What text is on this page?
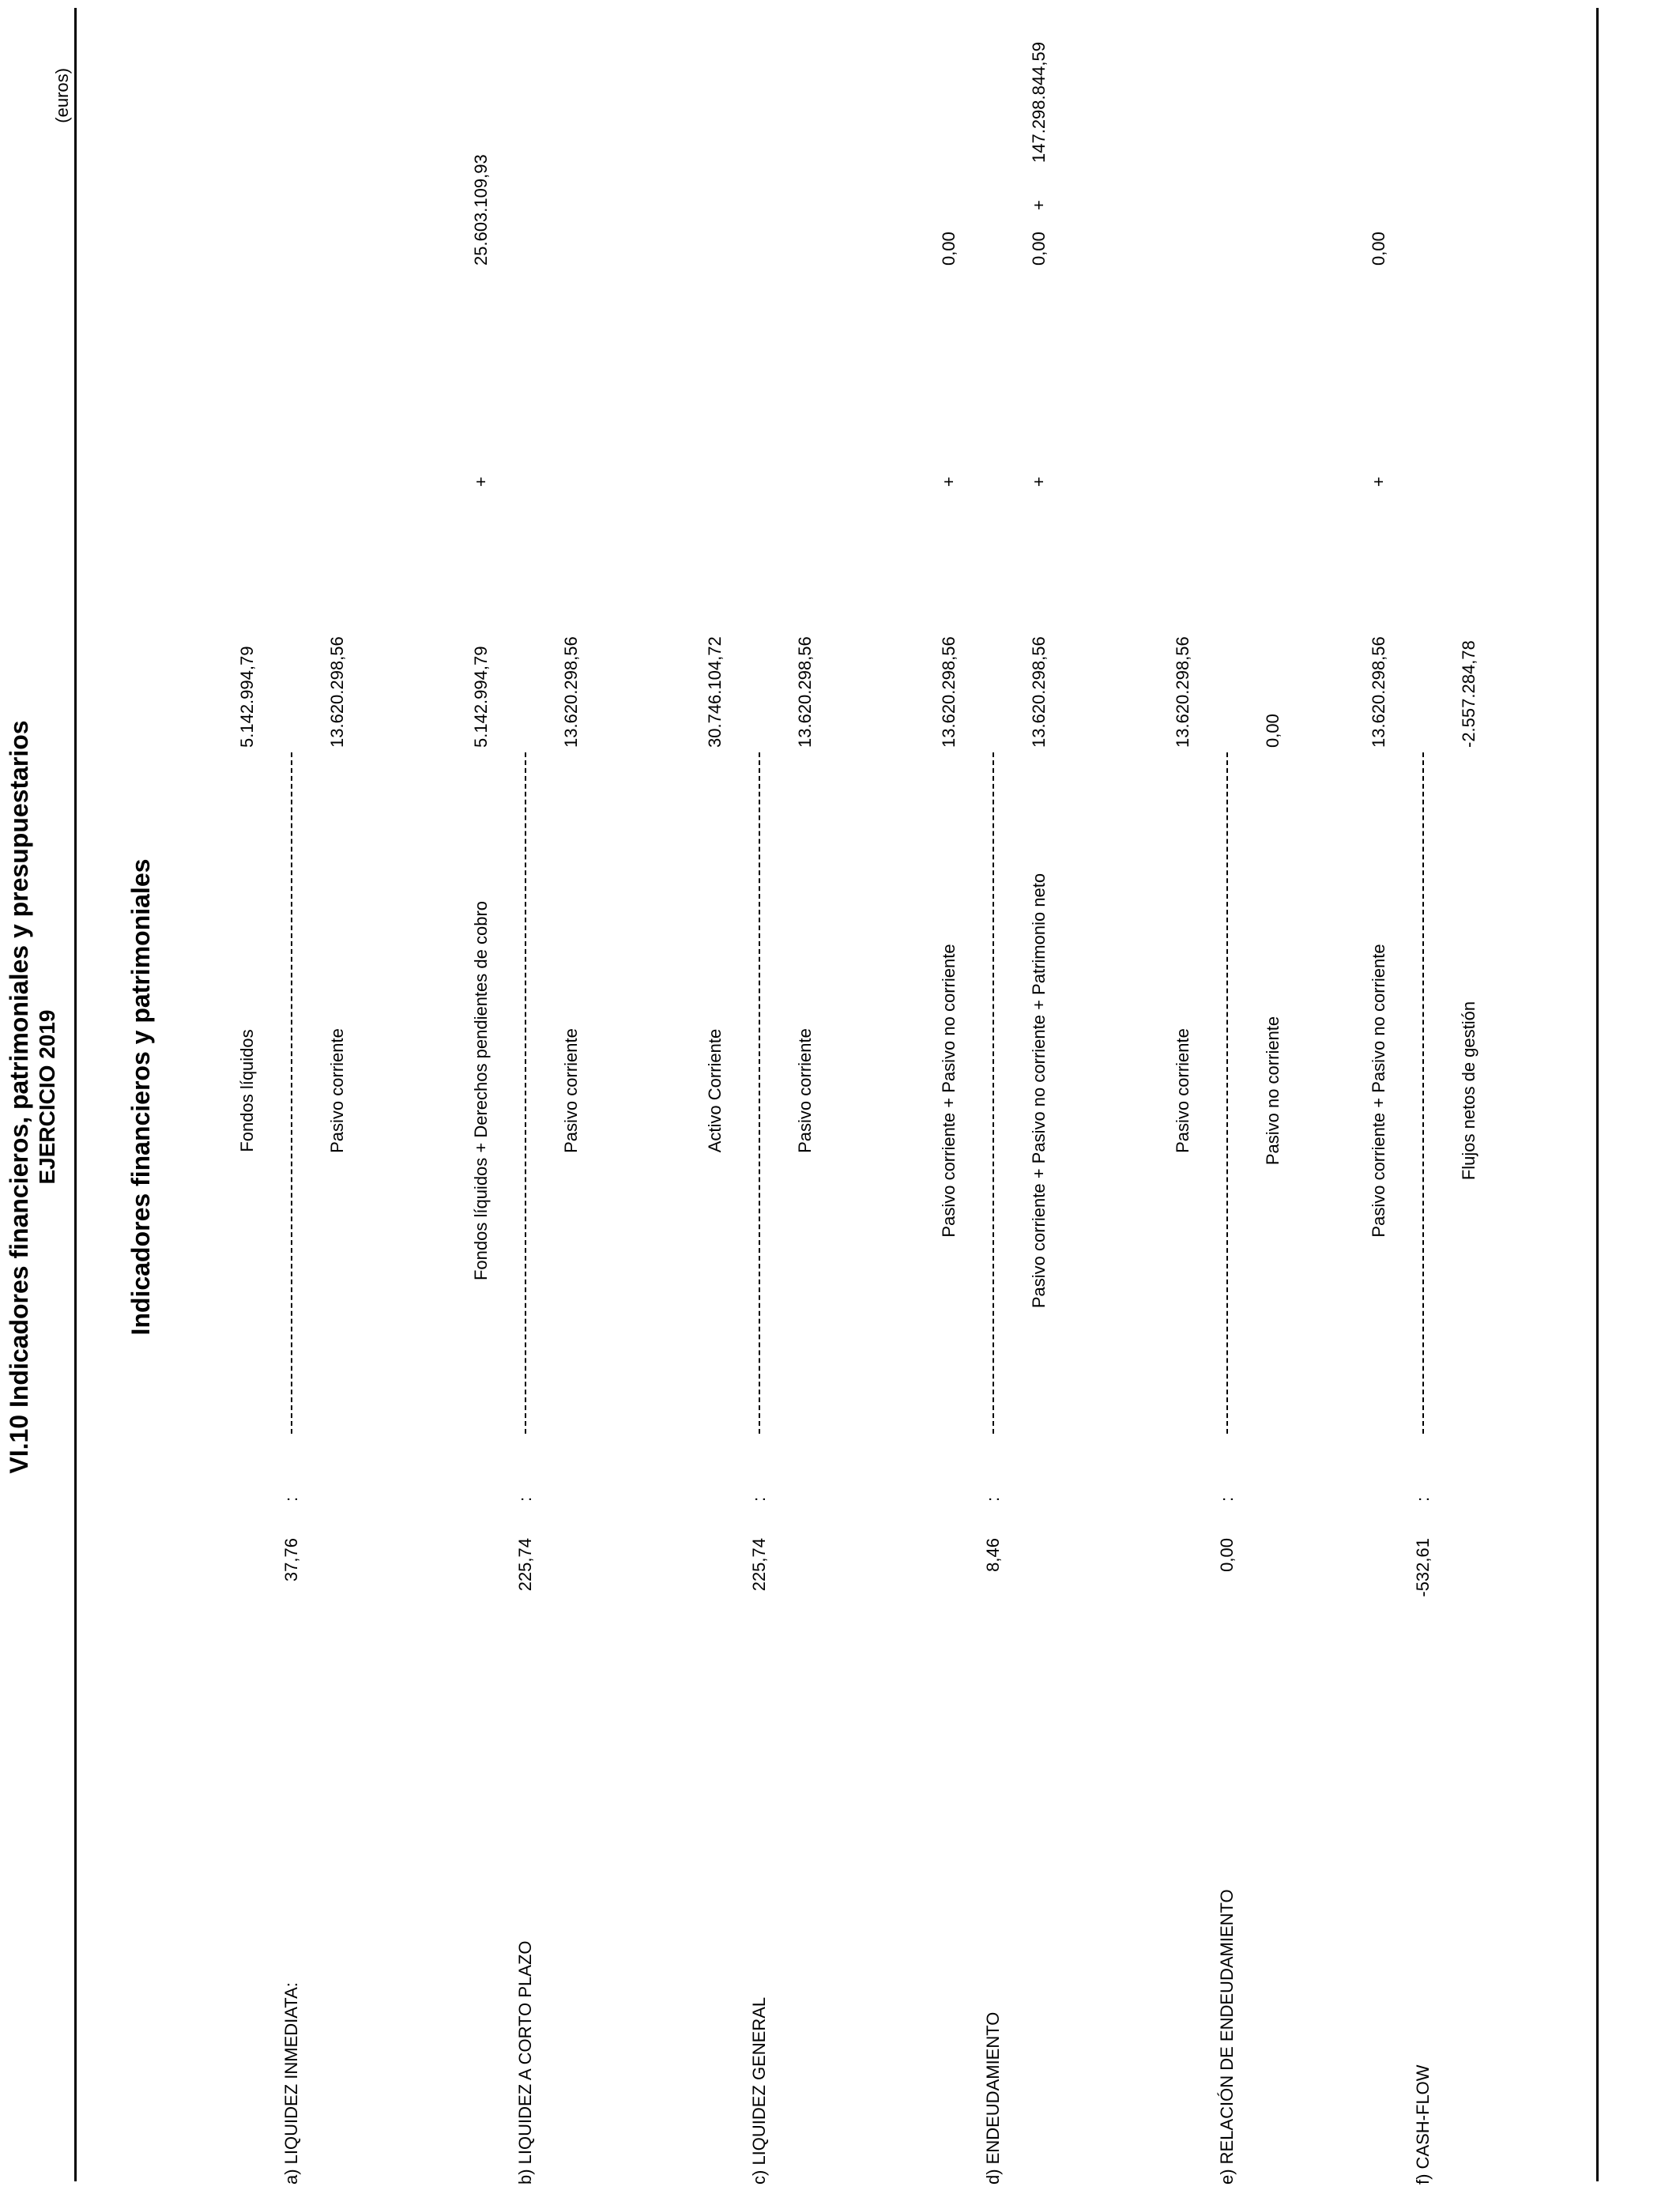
VI.10 Indicadores financieros, patrimoniales y presupuestarios EJERCICIO 2019
(euros)
Indicadores financieros y patrimoniales
a) LIQUIDEZ INMEDIATA:
37,76
:
Fondos líquidos
5.142.994,79
Pasivo corriente
13.620.298,56
b) LIQUIDEZ A CORTO PLAZO
225,74
:
Fondos líquidos + Derechos pendientes de cobro
5.142.994,79
+
25.603.109,93
Pasivo corriente
13.620.298,56
c) LIQUIDEZ GENERAL
225,74
:
Activo Corriente
30.746.104,72
Pasivo corriente
13.620.298,56
d) ENDEUDAMIENTO
8,46
:
Pasivo corriente + Pasivo no corriente
13.620.298,56
+
0,00
Pasivo corriente + Pasivo no corriente + Patrimonio neto
13.620.298,56
+
0,00
+
147.298.844,59
e) RELACIÓN DE ENDEUDAMIENTO
0,00
:
Pasivo corriente
13.620.298,56
Pasivo no corriente
0,00
f) CASH-FLOW
-532,61
:
Pasivo corriente + Pasivo no corriente
13.620.298,56
+
0,00
Flujos netos de gestión
-2.557.284,78
